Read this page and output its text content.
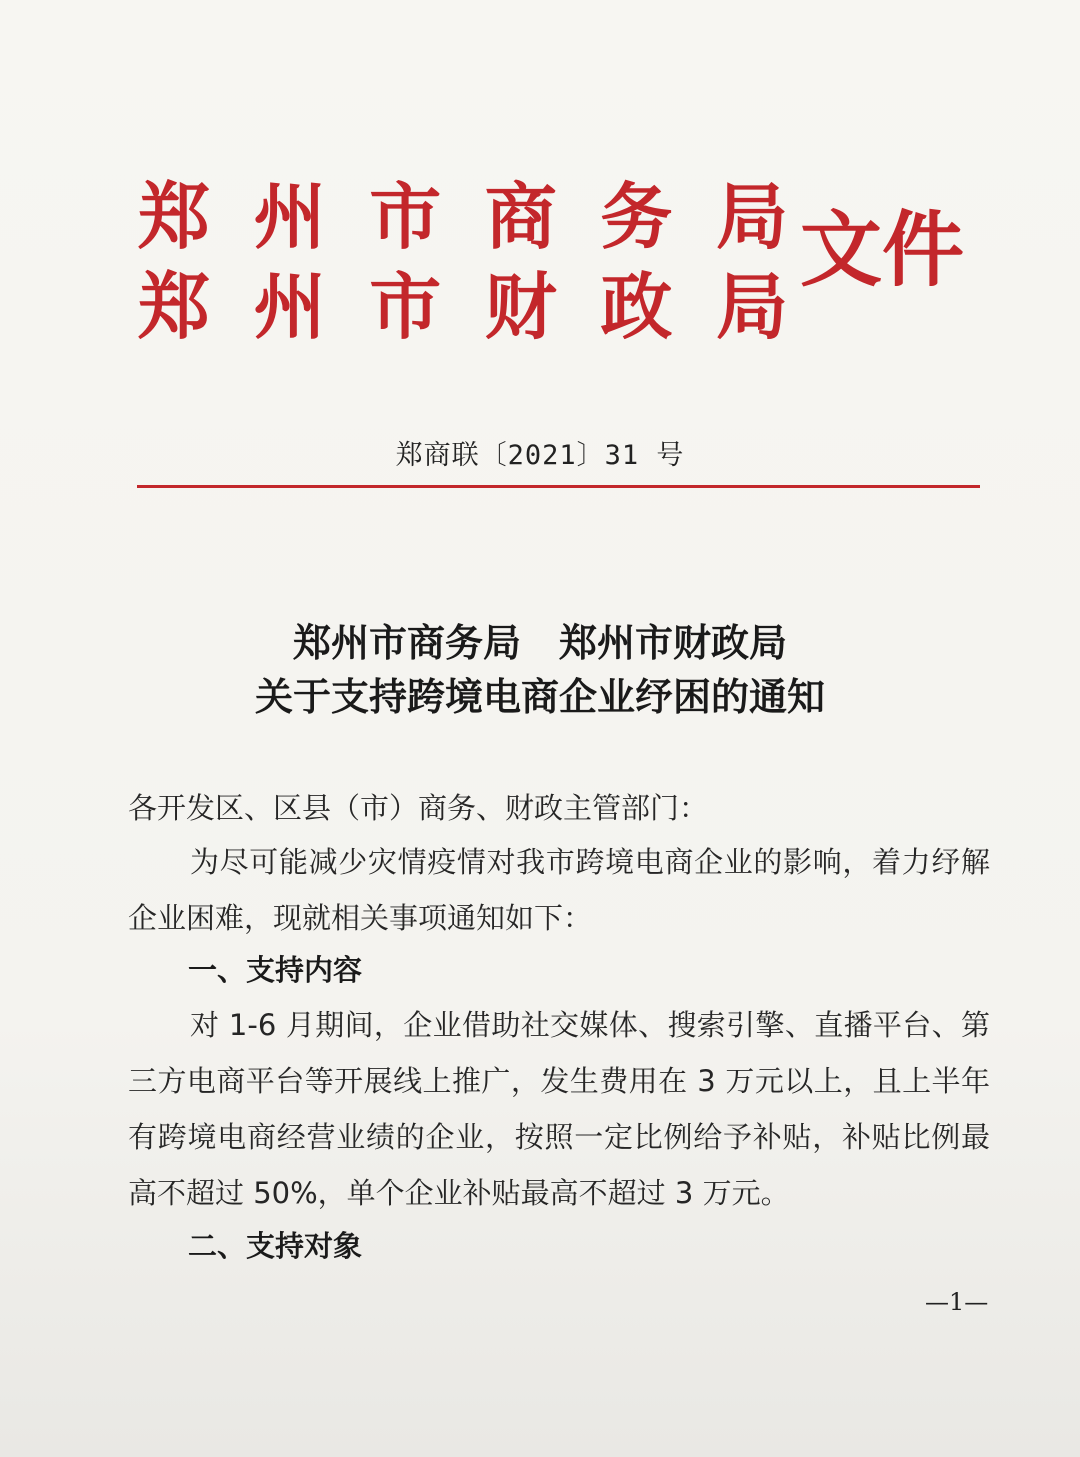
郑 州 市 商 务 局
郑 州 市 财 政 局
文件
郑商联〔2021〕31 号
郑州市商务局　郑州市财政局
关于支持跨境电商企业纾困的通知
各开发区、区县（市）商务、财政主管部门：
为尽可能减少灾情疫情对我市跨境电商企业的影响，着力纾解企业困难，现就相关事项通知如下：
一、支持内容
对 1-6 月期间，企业借助社交媒体、搜索引擎、直播平台、第三方电商平台等开展线上推广，发生费用在 3 万元以上，且上半年有跨境电商经营业绩的企业，按照一定比例给予补贴，补贴比例最高不超过 50%，单个企业补贴最高不超过 3 万元。
二、支持对象
—1—
